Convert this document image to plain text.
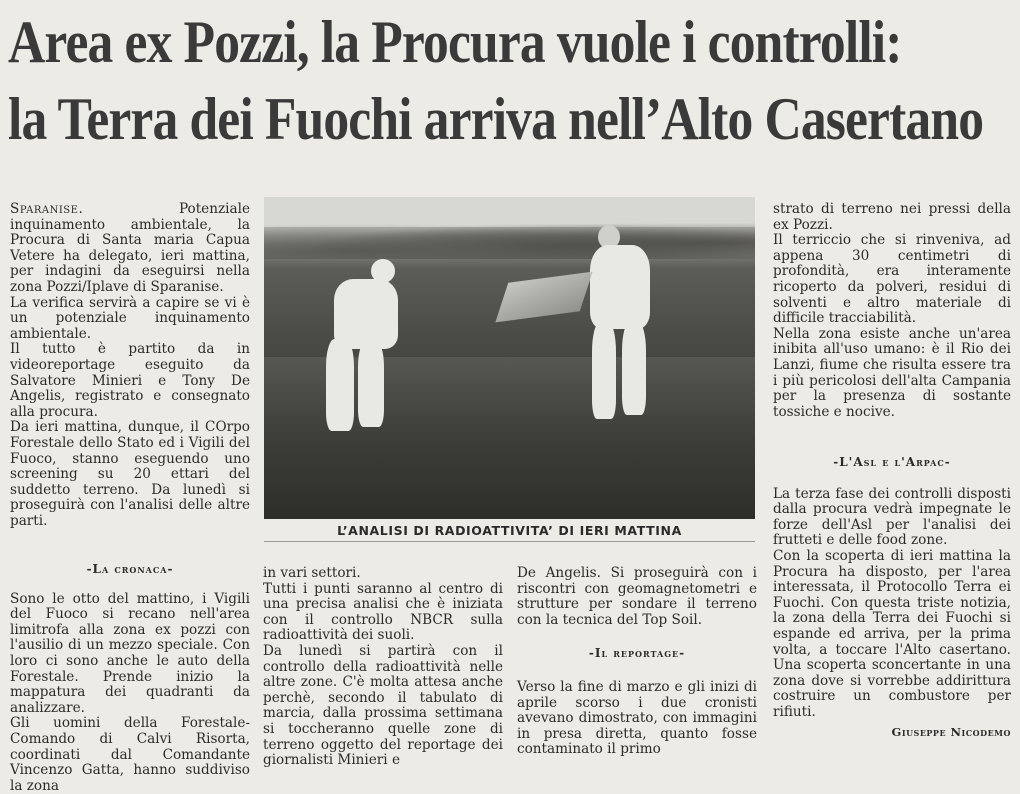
Area ex Pozzi, la Procura vuole i controlli:
la Terra dei Fuochi arriva nell’Alto Casertano

Sparanise.	Potenziale inquinamento ambientale, la Procura di Santa maria Capua Vetere ha delegato, ieri mattina, per indagini da eseguirsi nella zona Pozzi/Iplave di Sparanise.

La verifica servirà a capire se vi è un potenziale inquinamento ambientale.

Il tutto è partito da in videoreportage eseguito da Salvatore Minieri e Tony De Angelis, registrato e consegnato alla procura.

Da ieri mattina, dunque, il COrpo Forestale dello Stato ed i Vigili del Fuoco, stanno eseguendo uno screening su 20 ettari del suddetto terreno. Da lunedì si proseguirà con l'analisi delle altre parti.

-La cronaca-

Sono le otto del mattino, i Vigili del Fuoco si recano nell'area limitrofa alla zona ex pozzi con l'ausilio di un mezzo speciale. Con loro ci sono anche le auto della Forestale. Prende inizio la mappatura dei quadranti da analizzare.

Gli uomini della Forestale- Comando di Calvi Risorta, coordinati dal Comandante Vincenzo Gatta, hanno suddiviso la zona

L’ANALISI DI RADIOATTIVITA’ DI IERI MATTINA

in vari settori.

Tutti i punti saranno al centro di una precisa analisi che è iniziata con il controllo NBCR sulla radioattività dei suoli.

Da lunedì si partirà con il controllo della radioattività nelle altre zone. C'è molta attesa anche perchè, secondo il tabulato di marcia, dalla prossima settimana si toccheranno quelle zone di terreno oggetto del reportage dei giornalisti Minieri e

De Angelis. Si proseguirà con i riscontri con geomagnetometri e strutture per sondare il terreno con la tecnica del Top Soil.

-Il reportage-

Verso la fine di marzo e gli inizi di aprile scorso i due cronisti avevano dimostrato, con immagini in presa diretta, quanto fosse contaminato il primo

strato di terreno nei pressi della ex Pozzi.

Il terriccio che si rinveniva, ad appena 30 centimetri di profondità, era interamente ricoperto da polveri, residui di solventi e altro materiale di difficile tracciabilità.

Nella zona esiste anche un'area inibita all'uso umano: è il Rio dei Lanzi, fiume che risulta essere tra i più pericolosi dell'alta Campania per la presenza di sostante tossiche e nocive.

-L'Asl e l'Arpac-

La terza fase dei controlli disposti dalla procura vedrà impegnate le forze dell'Asl per l'analisi dei frutteti e delle food zone.

Con la scoperta di ieri mattina la Procura ha disposto, per l'area interessata, il Protocollo Terra ei Fuochi. Con questa triste notizia, la zona della Terra dei Fuochi si espande ed arriva, per la prima volta, a toccare l'Alto casertano. Una scoperta sconcertante in una zona dove si vorrebbe addirittura costruire un combustore per rifiuti.

Giuseppe Nicodemo
